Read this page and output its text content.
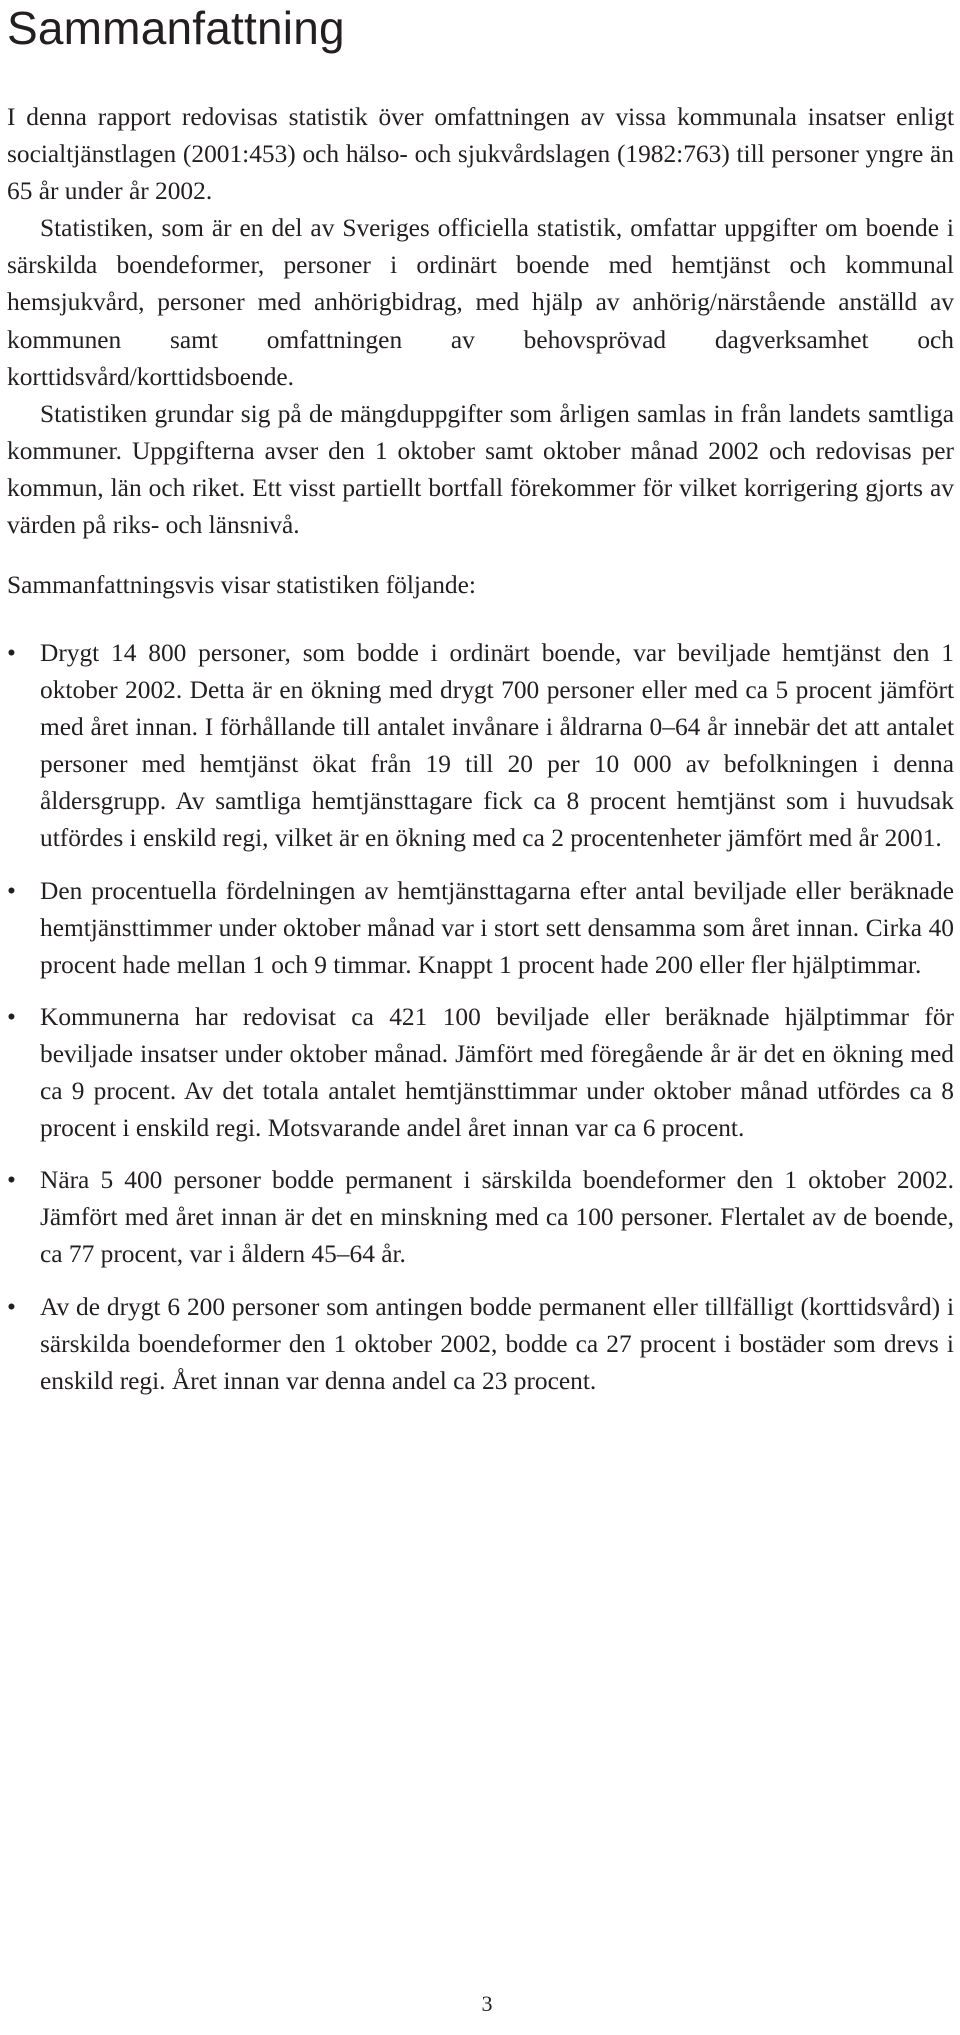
Sammanfattning
I denna rapport redovisas statistik över omfattningen av vissa kommunala insatser enligt socialtjänstlagen (2001:453) och hälso- och sjukvårdslagen (1982:763) till personer yngre än 65 år under år 2002.
Statistiken, som är en del av Sveriges officiella statistik, omfattar uppgifter om boende i särskilda boendeformer, personer i ordinärt boende med hemtjänst och kommunal hemsjukvård, personer med anhörigbidrag, med hjälp av anhörig/närstående anställd av kommunen samt omfattningen av behovsprövad dagverksamhet och korttidsvård/korttidsboende.
Statistiken grundar sig på de mängduppgifter som årligen samlas in från landets samtliga kommuner. Uppgifterna avser den 1 oktober samt oktober månad 2002 och redovisas per kommun, län och riket. Ett visst partiellt bortfall förekommer för vilket korrigering gjorts av värden på riks- och länsnivå.

Sammanfattningsvis visar statistiken följande:

• Drygt 14 800 personer, som bodde i ordinärt boende, var beviljade hemtjänst den 1 oktober 2002. Detta är en ökning med drygt 700 personer eller med ca 5 procent jämfört med året innan. I förhållande till antalet invånare i åldrarna 0–64 år innebär det att antalet personer med hemtjänst ökat från 19 till 20 per 10 000 av befolkningen i denna åldersgrupp. Av samtliga hemtjänsttagare fick ca 8 procent hemtjänst som i huvudsak utfördes i enskild regi, vilket är en ökning med ca 2 procentenheter jämfört med år 2001.
• Den procentuella fördelningen av hemtjänsttagarna efter antal beviljade eller beräknade hemtjänsttimmer under oktober månad var i stort sett densamma som året innan. Cirka 40 procent hade mellan 1 och 9 timmar. Knappt 1 procent hade 200 eller fler hjälptimmar.
• Kommunerna har redovisat ca 421 100 beviljade eller beräknade hjälptimmar för beviljade insatser under oktober månad. Jämfört med föregående år är det en ökning med ca 9 procent. Av det totala antalet hemtjänsttimmar under oktober månad utfördes ca 8 procent i enskild regi. Motsvarande andel året innan var ca 6 procent.
• Nära 5 400 personer bodde permanent i särskilda boendeformer den 1 oktober 2002. Jämfört med året innan är det en minskning med ca 100 personer. Flertalet av de boende, ca 77 procent, var i åldern 45–64 år.
• Av de drygt 6 200 personer som antingen bodde permanent eller tillfälligt (korttidsvård) i särskilda boendeformer den 1 oktober 2002, bodde ca 27 procent i bostäder som drevs i enskild regi. Året innan var denna andel ca 23 procent.
3
